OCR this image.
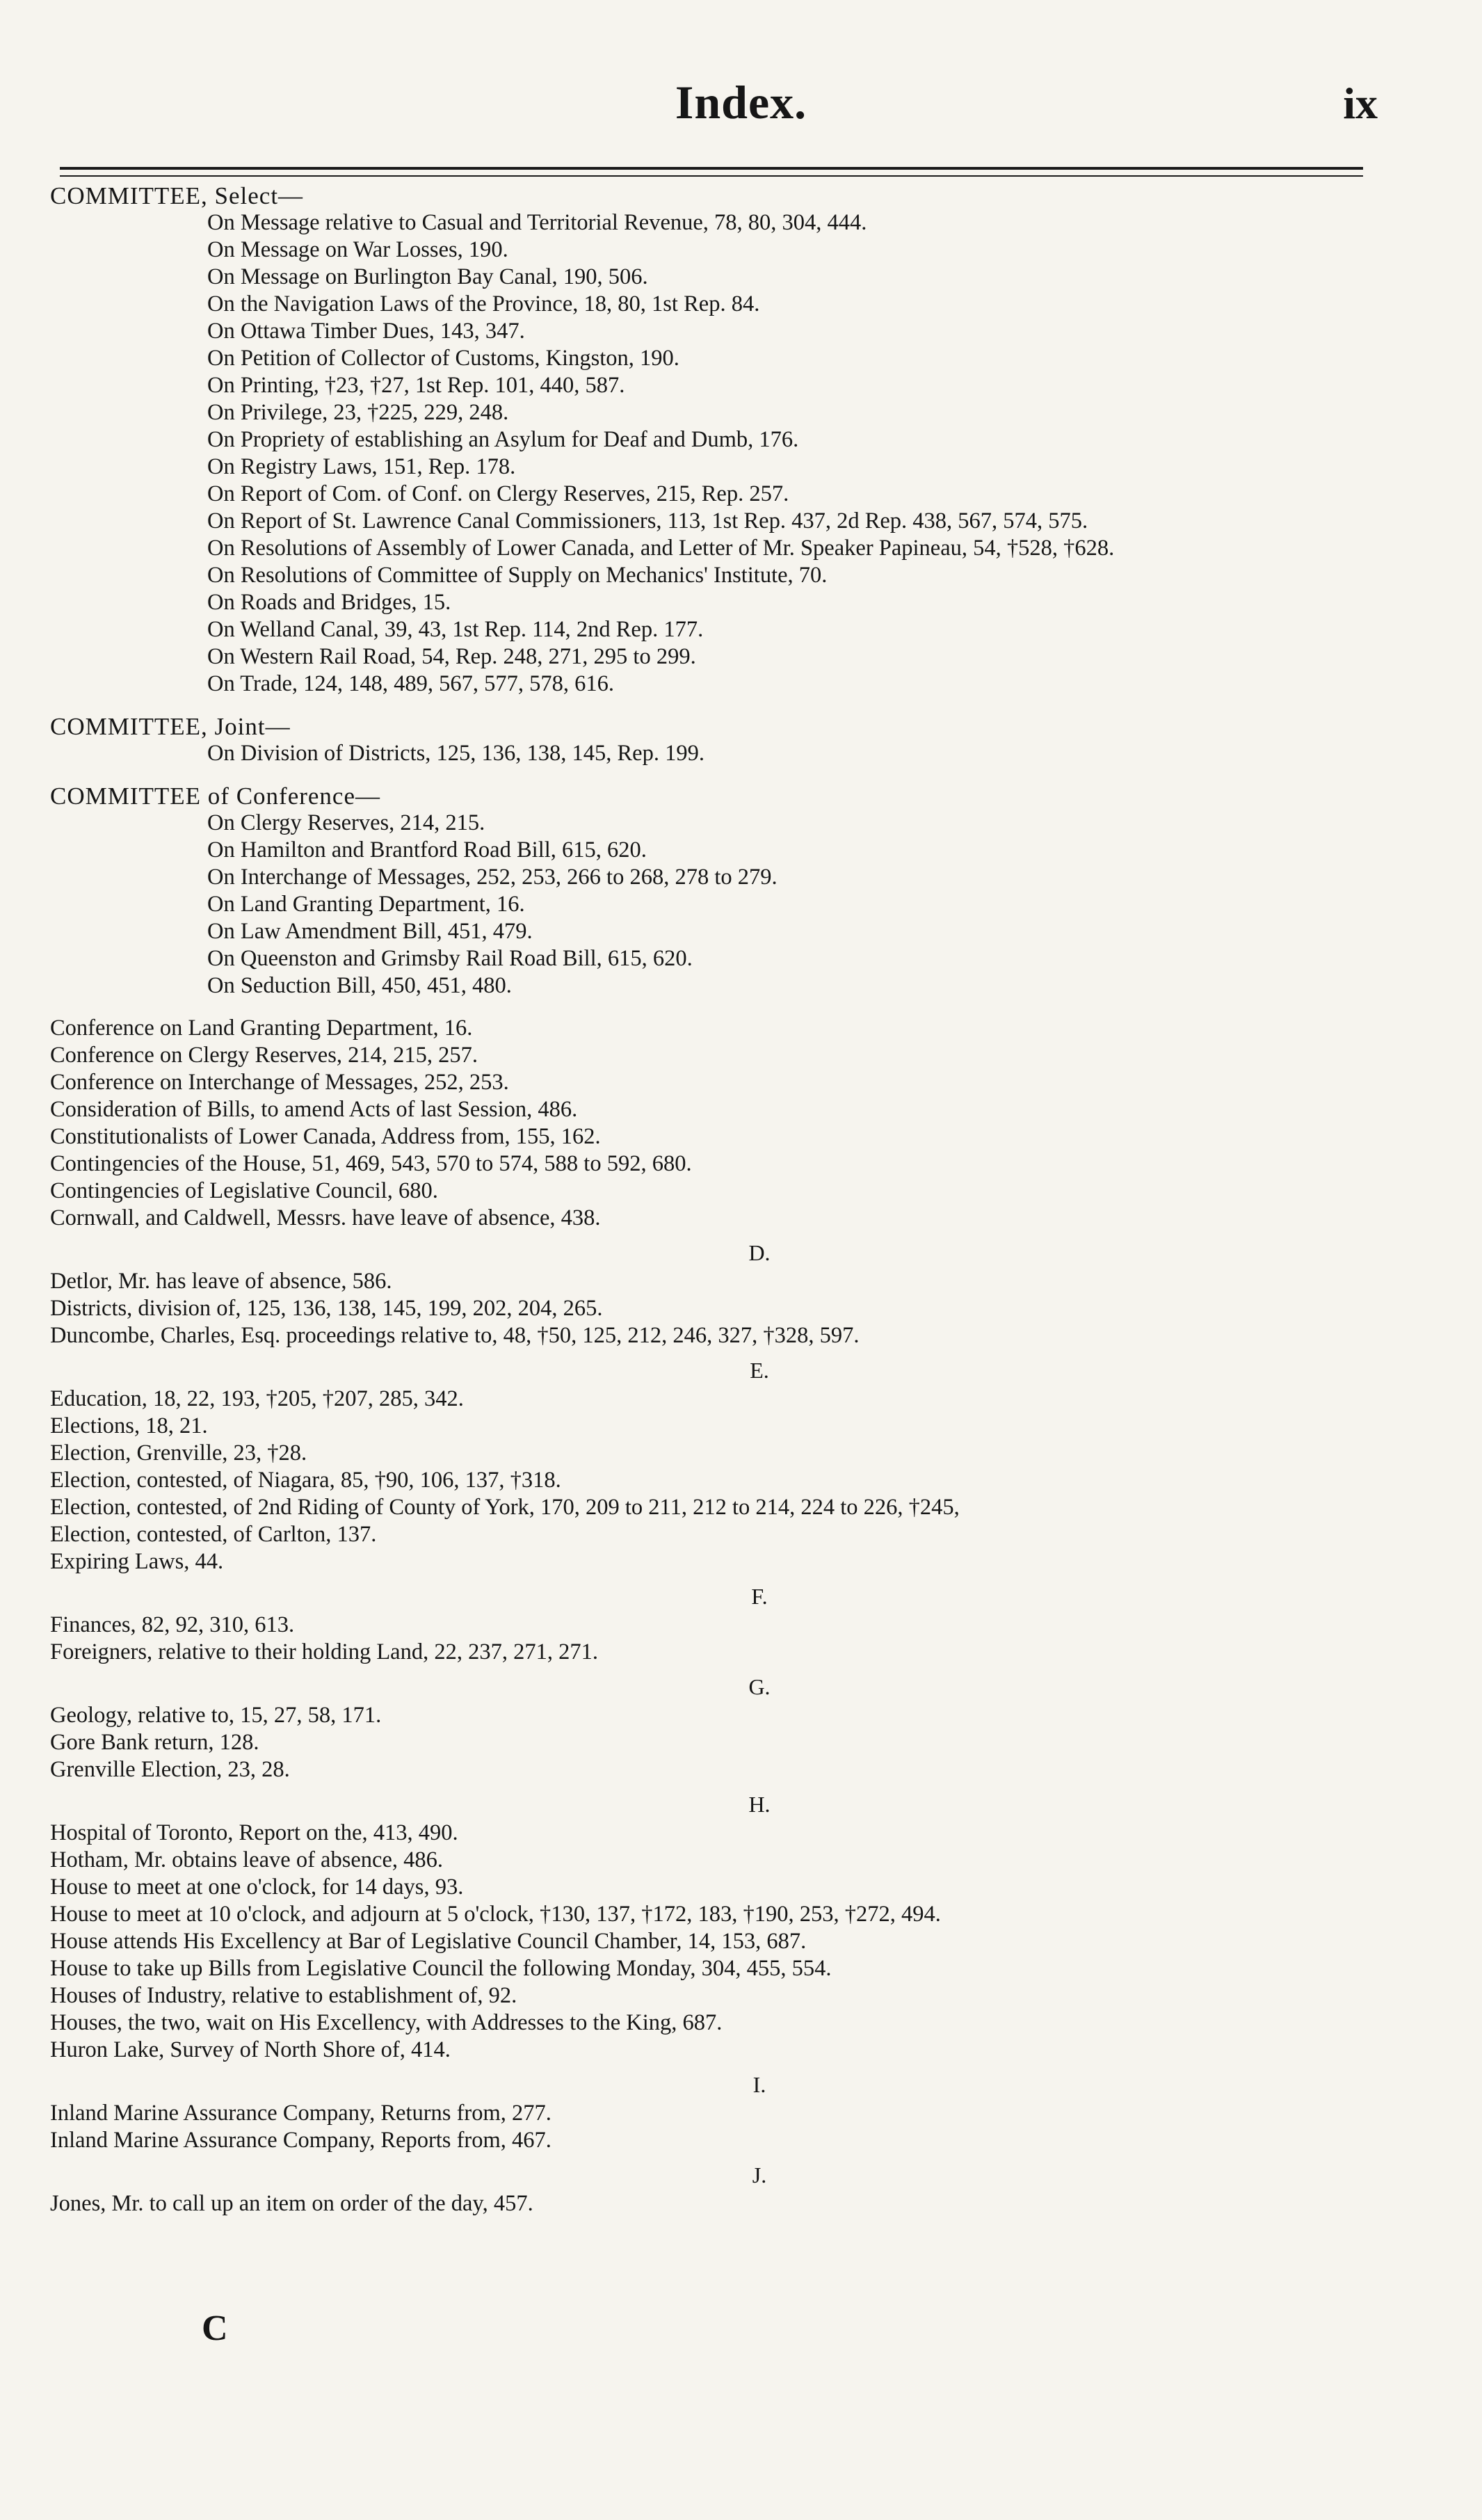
Index.	ix
COMMITTEE, Select—
On Message relative to Casual and Territorial Revenue, 78, 80, 304, 444.
On Message on War Losses, 190.
On Message on Burlington Bay Canal, 190, 506.
On the Navigation Laws of the Province, 18, 80, 1st Rep. 84.
On Ottawa Timber Dues, 143, 347.
On Petition of Collector of Customs, Kingston, 190.
On Printing, †23, †27, 1st Rep. 101, 440, 587.
On Privilege, 23, †225, 229, 248.
On Propriety of establishing an Asylum for Deaf and Dumb, 176.
On Registry Laws, 151, Rep. 178.
On Report of Com. of Conf. on Clergy Reserves, 215, Rep. 257.
On Report of St. Lawrence Canal Commissioners, 113, 1st Rep. 437, 2d Rep. 438, 567, 574, 575.
On Resolutions of Assembly of Lower Canada, and Letter of Mr. Speaker Papineau, 54, †528, †628.
On Resolutions of Committee of Supply on Mechanics' Institute, 70.
On Roads and Bridges, 15.
On Welland Canal, 39, 43, 1st Rep. 114, 2nd Rep. 177.
On Western Rail Road, 54, Rep. 248, 271, 295 to 299.
On Trade, 124, 148, 489, 567, 577, 578, 616.
COMMITTEE, Joint—
On Division of Districts, 125, 136, 138, 145, Rep. 199.
COMMITTEE of Conference—
On Clergy Reserves, 214, 215.
On Hamilton and Brantford Road Bill, 615, 620.
On Interchange of Messages, 252, 253, 266 to 268, 278 to 279.
On Land Granting Department, 16.
On Law Amendment Bill, 451, 479.
On Queenston and Grimsby Rail Road Bill, 615, 620.
On Seduction Bill, 450, 451, 480.
Conference on Land Granting Department, 16.
Conference on Clergy Reserves, 214, 215, 257.
Conference on Interchange of Messages, 252, 253.
Consideration of Bills, to amend Acts of last Session, 486.
Constitutionalists of Lower Canada, Address from, 155, 162.
Contingencies of the House, 51, 469, 543, 570 to 574, 588 to 592, 680.
Contingencies of Legislative Council, 680.
Cornwall, and Caldwell, Messrs. have leave of absence, 438.
D.
Detlor, Mr. has leave of absence, 586.
Districts, division of, 125, 136, 138, 145, 199, 202, 204, 265.
Duncombe, Charles, Esq. proceedings relative to, 48, †50, 125, 212, 246, 327, †328, 597.
E.
Education, 18, 22, 193, †205, †207, 285, 342.
Elections, 18, 21.
Election, Grenville, 23, †28.
Election, contested, of Niagara, 85, †90, 106, 137, †318.
Election, contested, of 2nd Riding of County of York, 170, 209 to 211, 212 to 214, 224 to 226, †245,
Election, contested, of Carlton, 137.
Expiring Laws, 44.
F.
Finances, 82, 92, 310, 613.
Foreigners, relative to their holding Land, 22, 237, 271, 271.
G.
Geology, relative to, 15, 27, 58, 171.
Gore Bank return, 128.
Grenville Election, 23, 28.
H.
Hospital of Toronto, Report on the, 413, 490.
Hotham, Mr. obtains leave of absence, 486.
House to meet at one o'clock, for 14 days, 93.
House to meet at 10 o'clock, and adjourn at 5 o'clock, †130, 137, †172, 183, †190, 253, †272, 494.
House attends His Excellency at Bar of Legislative Council Chamber, 14, 153, 687.
House to take up Bills from Legislative Council the following Monday, 304, 455, 554.
Houses of Industry, relative to establishment of, 92.
Houses, the two, wait on His Excellency, with Addresses to the King, 687.
Huron Lake, Survey of North Shore of, 414.
I.
Inland Marine Assurance Company, Returns from, 277.
Inland Marine Assurance Company, Reports from, 467.
J.
Jones, Mr. to call up an item on order of the day, 457.
C
